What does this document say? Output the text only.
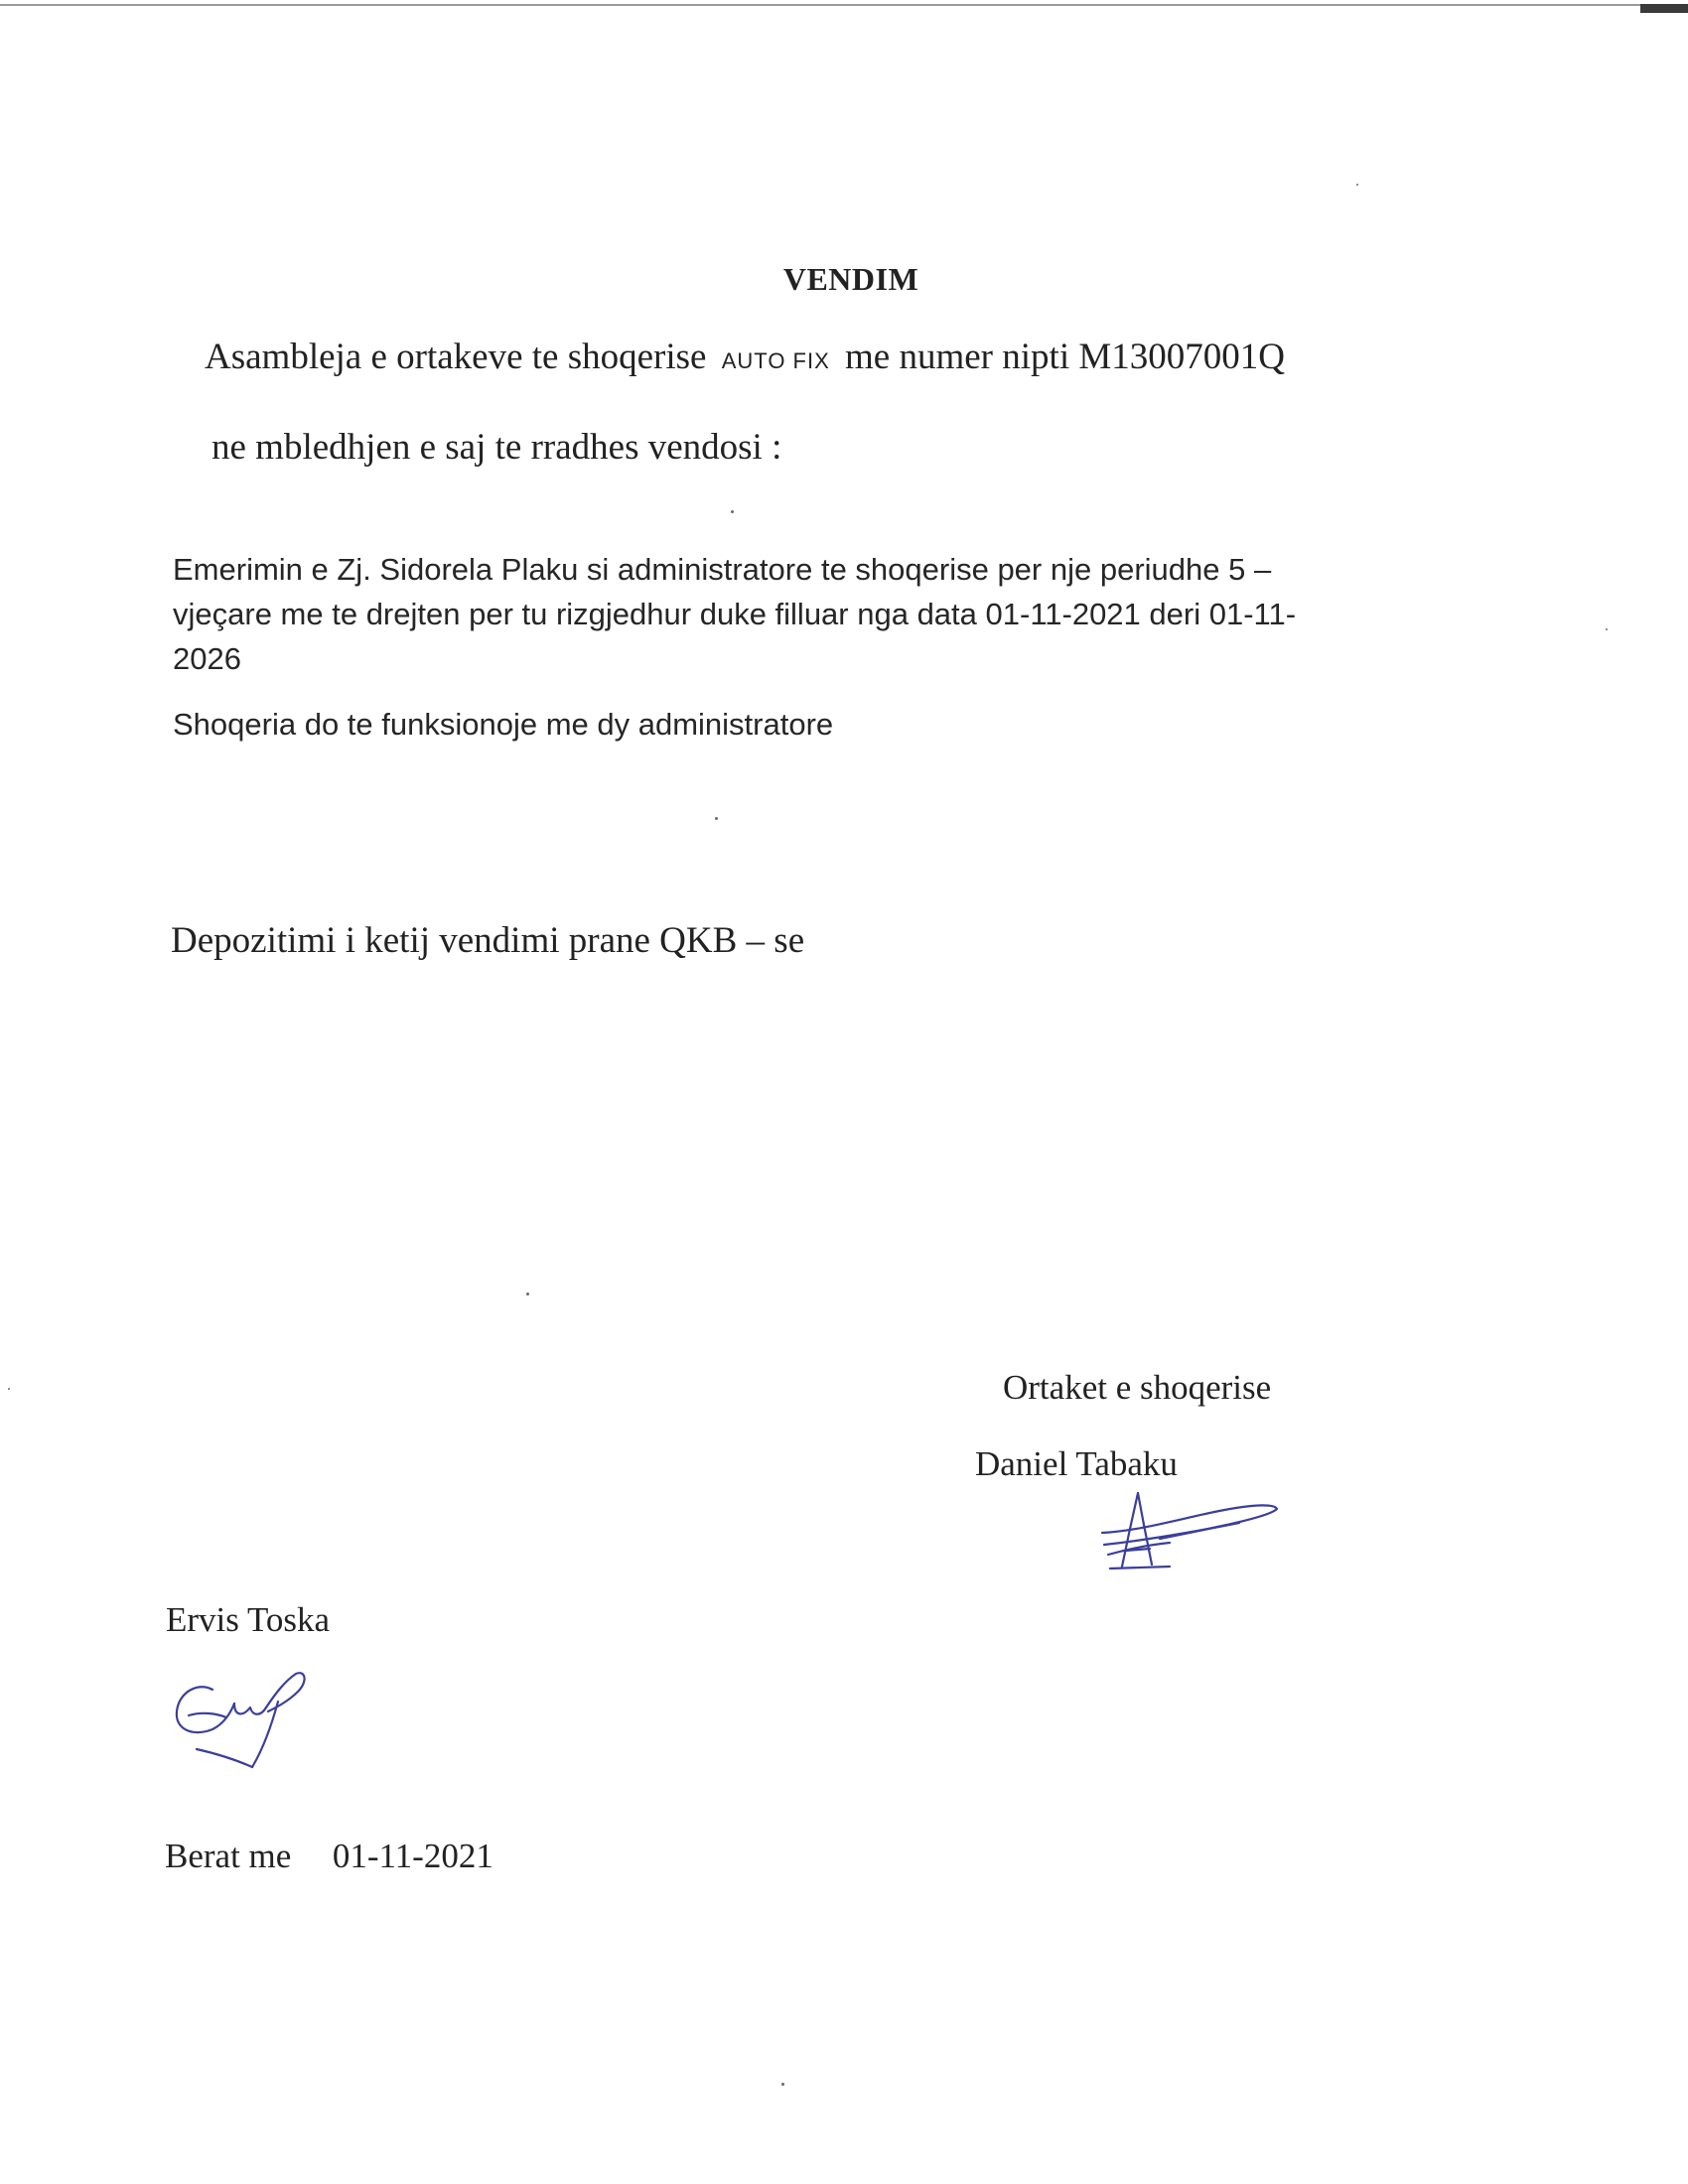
VENDIM
Asambleja e ortakeve te shoqerise AUTO FIX me numer nipti M13007001Q
ne mbledhjen e saj te rradhes vendosi :
Emerimin e Zj. Sidorela Plaku si administratore te shoqerise per nje periudhe 5 –
vjeçare me te drejten per tu rizgjedhur duke filluar nga data 01-11-2021 deri 01-11-
2026
Shoqeria do te funksionoje me dy administratore
Depozitimi i ketij vendimi prane QKB – se
Ortaket e shoqerise
Daniel Tabaku
Ervis Toska
Berat me 01-11-2021
